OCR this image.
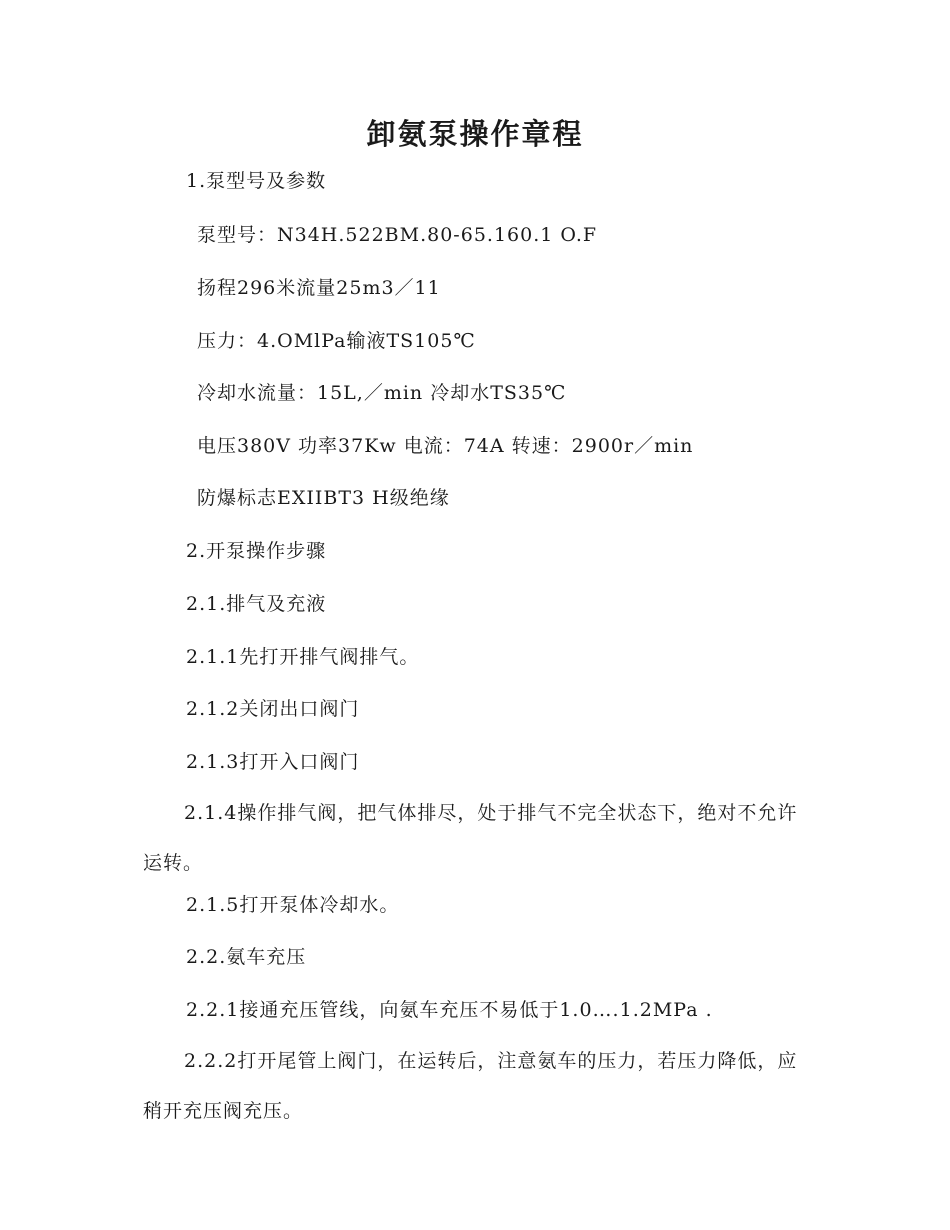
卸氨泵操作章程
1.泵型号及参数
泵型号：N34H.522BM.80-65.160.1 O.F
扬程296米流量25m3／11
压力：4.OMlPa输液TS105℃
冷却水流量：15L,／min 冷却水TS35℃
电压380V 功率37Kw 电流：74A 转速：2900r／min
防爆标志EXIIBT3 H级绝缘
2.开泵操作步骤
2.1.排气及充液
2.1.1先打开排气阀排气。
2.1.2关闭出口阀门
2.1.3打开入口阀门
2.1.4操作排气阀，把气体排尽，处于排气不完全状态下，绝对不允许运转。
2.1.5打开泵体冷却水。
2.2.氨车充压
2.2.1接通充压管线，向氨车充压不易低于1.0….1.2MPa .
2.2.2打开尾管上阀门，在运转后，注意氨车的压力，若压力降低，应稍开充压阀充压。
